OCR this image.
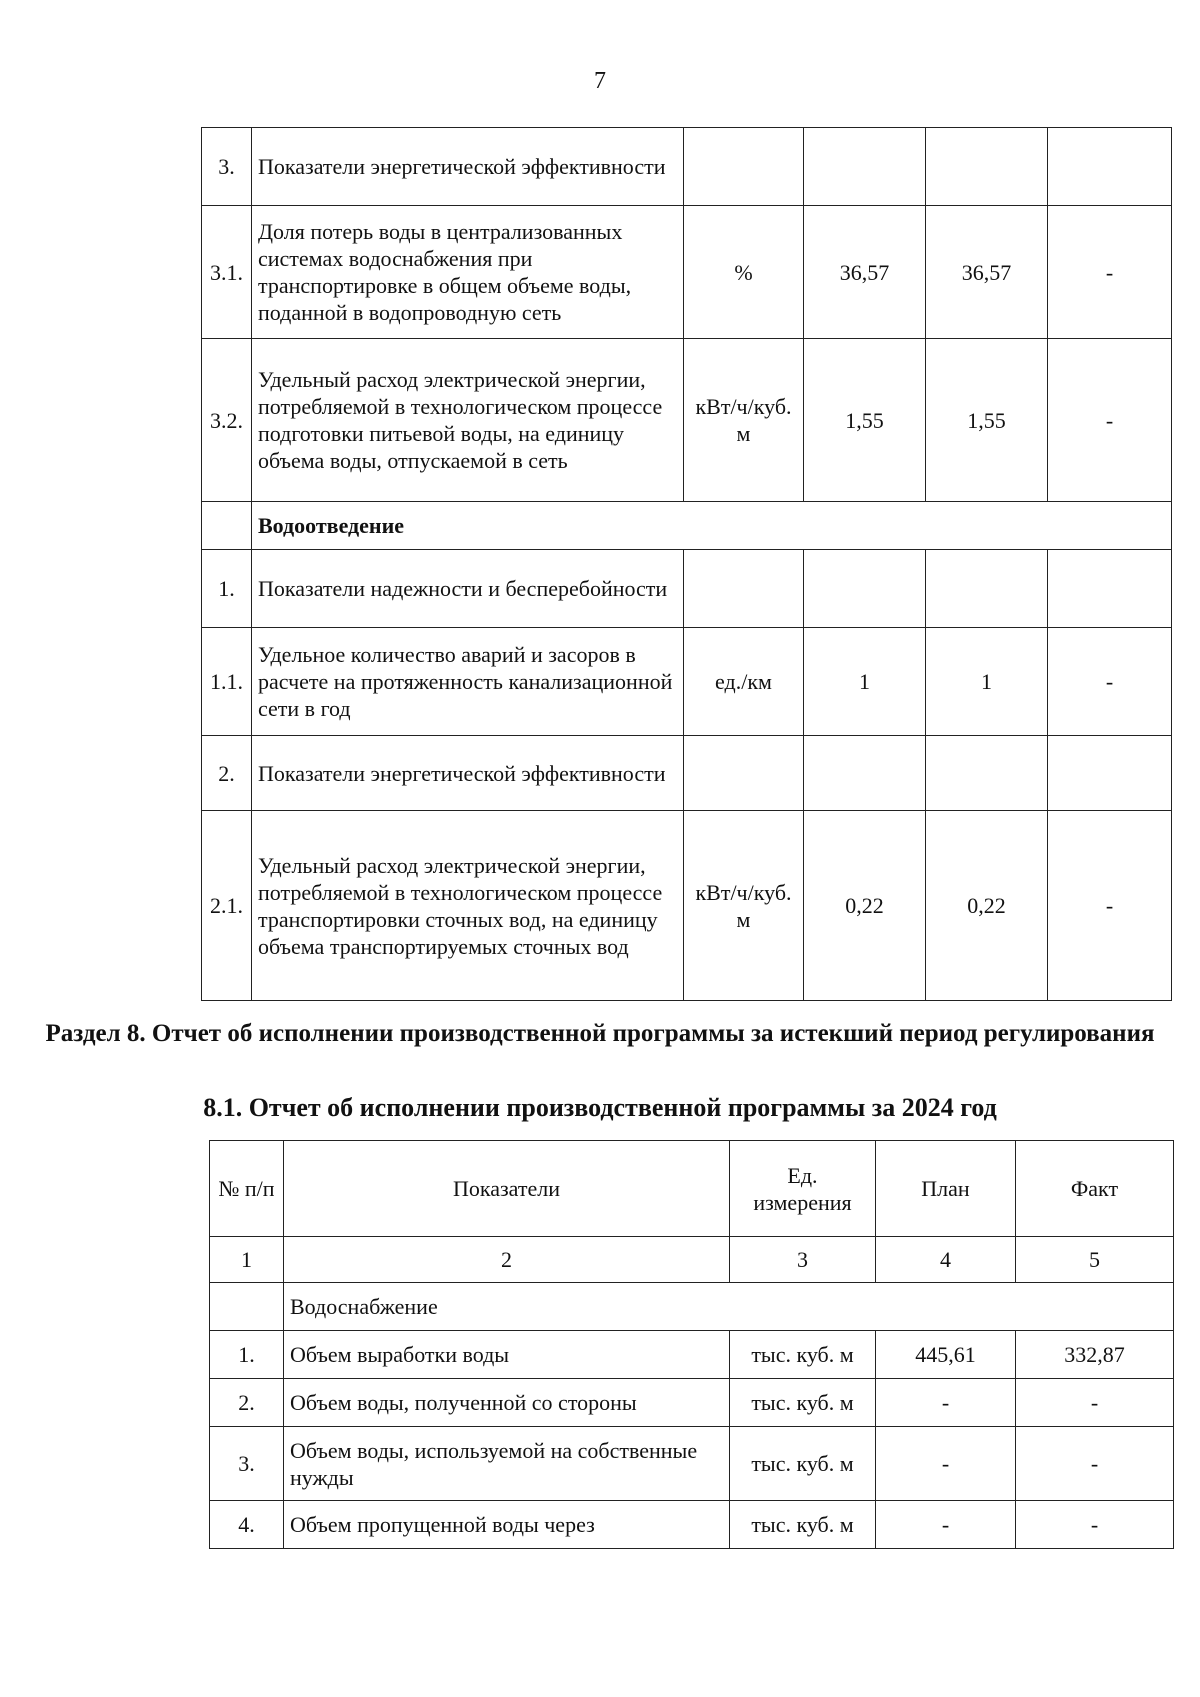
7
3.	Показатели энергетической эффективности				
3.1.	Доля потерь воды в централизованных системах водоснабжения при транспортировке в общем объеме воды, поданной в водопроводную сеть	%	36,57	36,57	-
3.2.	Удельный расход электрической энергии, потребляемой в технологическом процессе подготовки питьевой воды, на единицу объема воды, отпускаемой в сеть	кВт/ч/куб. м	1,55	1,55	-
	Водоотведение				
1.	Показатели надежности и бесперебойности				
1.1.	Удельное количество аварий и засоров в расчете на протяженность канализационной сети в год	ед./км	1	1	-
2.	Показатели энергетической эффективности				
2.1.	Удельный расход электрической энергии, потребляемой в технологическом процессе транспортировки сточных вод, на единицу объема транспортируемых сточных вод	кВт/ч/куб. м	0,22	0,22	-
Раздел 8. Отчет об исполнении производственной программы за истекший период регулирования
8.1. Отчет об исполнении производственной программы за 2024 год
№ п/п	Показатели	Ед. измерения	План	Факт
1	2	3	4	5
	Водоснабжение			
1.	Объем выработки воды	тыс. куб. м	445,61	332,87
2.	Объем воды, полученной со стороны	тыс. куб. м	-	-
3.	Объем воды, используемой на собственные нужды	тыс. куб. м	-	-
4.	Объем пропущенной воды через	тыс. куб. м	-	-
